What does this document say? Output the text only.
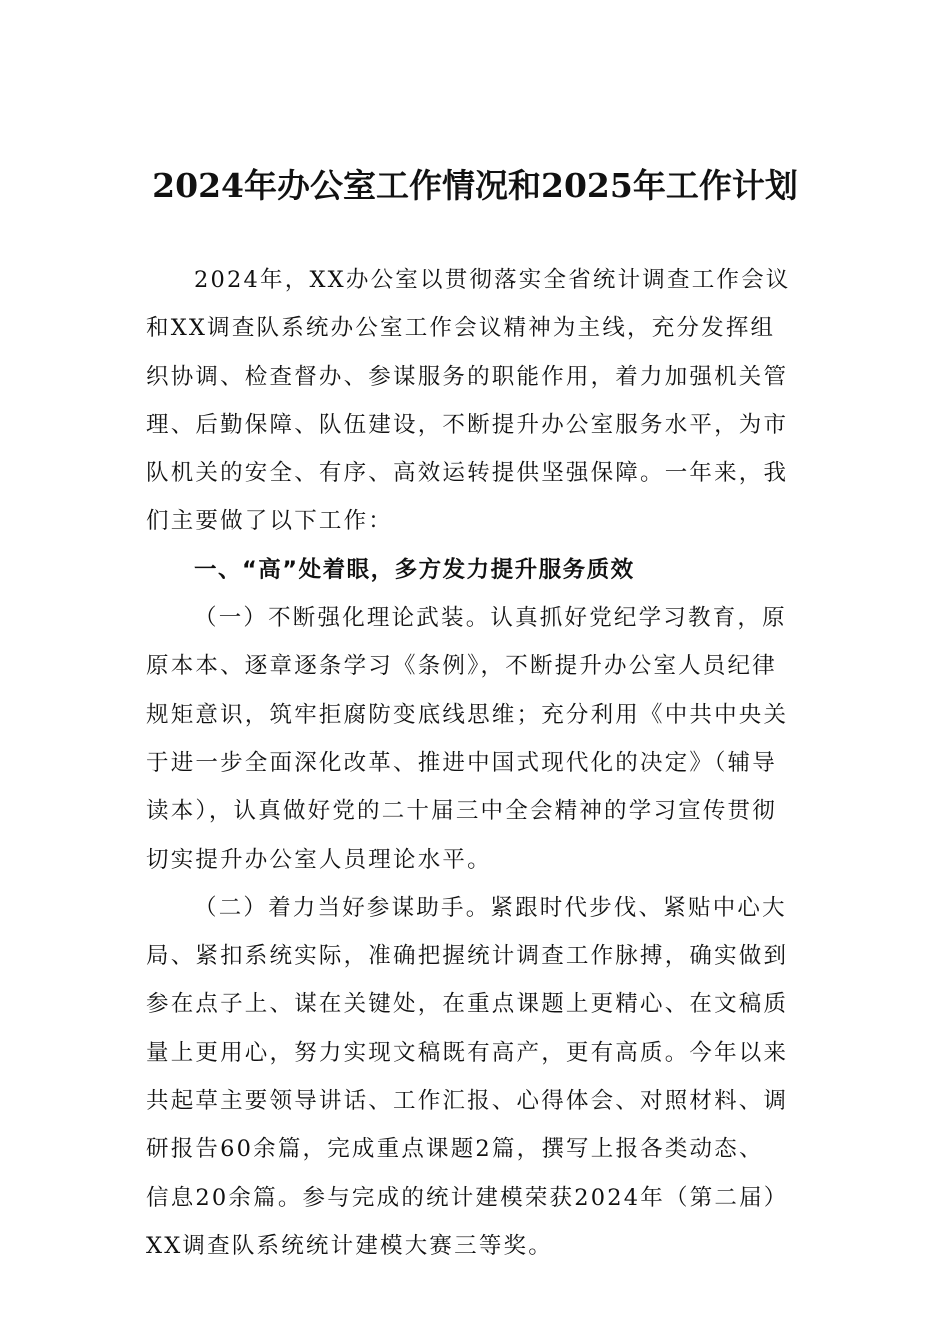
2024年办公室工作情况和2025年工作计划
2024年，XX办公室以贯彻落实全省统计调查工作会议
和XX调查队系统办公室工作会议精神为主线，充分发挥组
织协调、检查督办、参谋服务的职能作用，着力加强机关管
理、后勤保障、队伍建设，不断提升办公室服务水平，为市
队机关的安全、有序、高效运转提供坚强保障。一年来，我
们主要做了以下工作：
一、“高”处着眼，多方发力提升服务质效
（一）不断强化理论武装。认真抓好党纪学习教育，原
原本本、逐章逐条学习《条例》，不断提升办公室人员纪律
规矩意识，筑牢拒腐防变底线思维；充分利用《中共中央关
于进一步全面深化改革、推进中国式现代化的决定》（辅导
读本），认真做好党的二十届三中全会精神的学习宣传贯彻
切实提升办公室人员理论水平。
（二）着力当好参谋助手。紧跟时代步伐、紧贴中心大
局、紧扣系统实际，准确把握统计调查工作脉搏，确实做到
参在点子上、谋在关键处，在重点课题上更精心、在文稿质
量上更用心，努力实现文稿既有高产，更有高质。今年以来
共起草主要领导讲话、工作汇报、心得体会、对照材料、调
研报告60余篇，完成重点课题2篇，撰写上报各类动态、
信息20余篇。参与完成的统计建模荣获2024年（第二届）
XX调查队系统统计建模大赛三等奖。
